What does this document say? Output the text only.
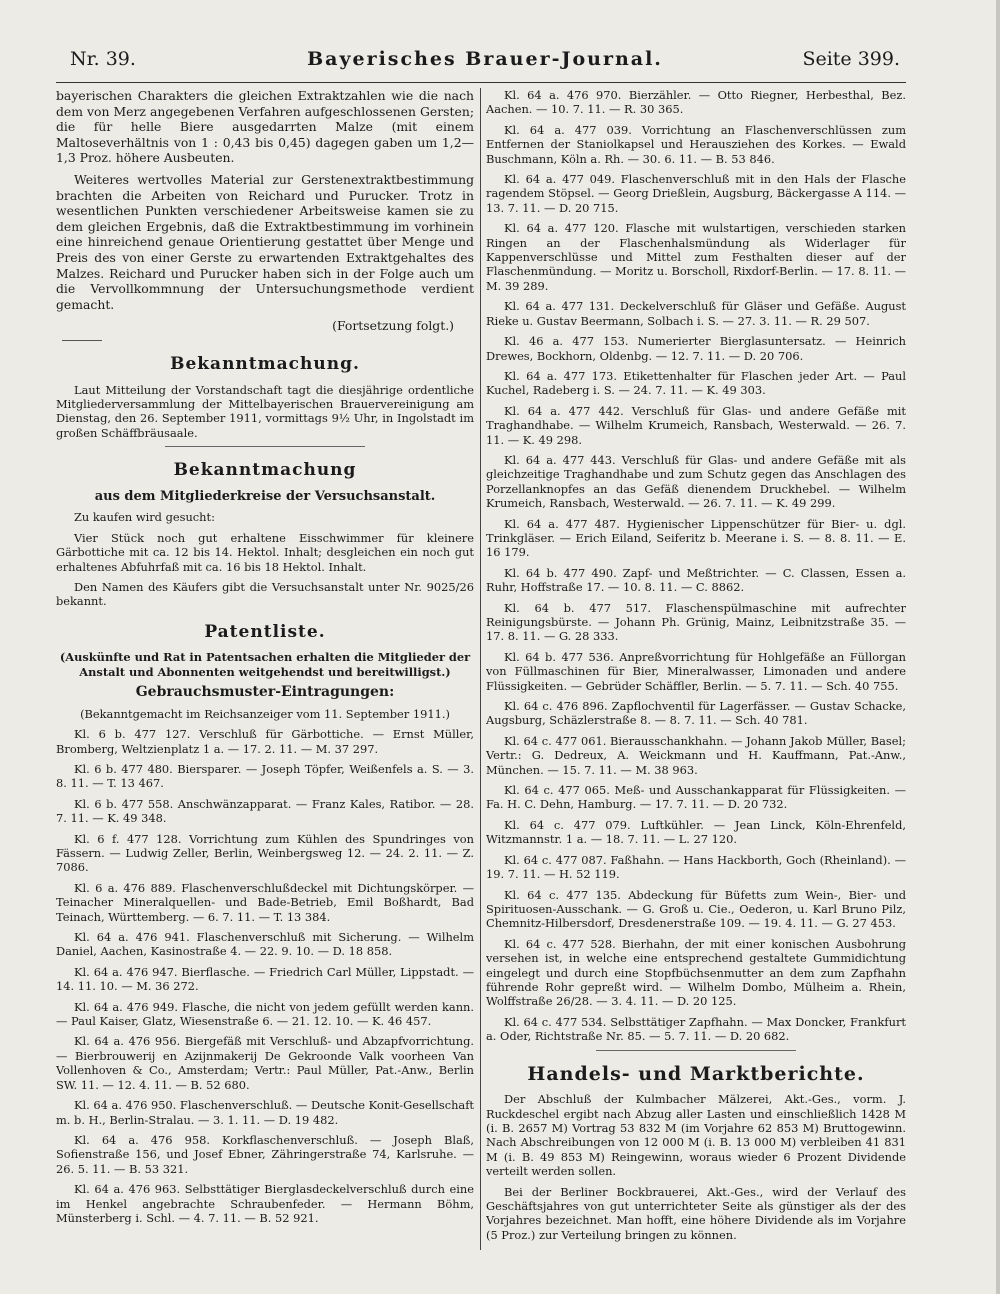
Nr. 39.	Bayerisches Brauer-Journal.	Seite 399.

bayerischen Charakters die gleichen Extraktzahlen wie die nach dem von Merz angegebenen Verfahren aufgeschlossenen Gersten; die für helle Biere ausgedarrten Malze (mit einem Maltoseverhältnis von 1 : 0,43 bis 0,45) dagegen gaben um 1,2—1,3 Proz. höhere Ausbeuten.

Weiteres wertvolles Material zur Gerstenextraktbestimmung brachten die Arbeiten von Reichard und Purucker. Trotz in wesentlichen Punkten verschiedener Arbeitsweise kamen sie zu dem gleichen Ergebnis, daß die Extraktbestimmung im vorhinein eine hinreichend genaue Orientierung gestattet über Menge und Preis des von einer Gerste zu erwartenden Extraktgehaltes des Malzes. Reichard und Purucker haben sich in der Folge auch um die Vervollkommnung der Untersuchungsmethode verdient gemacht.

(Fortsetzung folgt.)

Bekanntmachung.

Laut Mitteilung der Vorstandschaft tagt die diesjährige ordentliche Mitgliederversammlung der Mittelbayerischen Brauervereinigung am Dienstag, den 26. September 1911, vormittags 9½ Uhr, in Ingolstadt im großen Schäffbräusaale.

Bekanntmachung
aus dem Mitgliederkreise der Versuchsanstalt.

Zu kaufen wird gesucht:

Vier Stück noch gut erhaltene Eisschwimmer für kleinere Gärbottiche mit ca. 12 bis 14. Hektol. Inhalt; desgleichen ein noch gut erhaltenes Abfuhrfaß mit ca. 16 bis 18 Hektol. Inhalt.

Den Namen des Käufers gibt die Versuchsanstalt unter Nr. 9025/26 bekannt.

Patentliste.

(Auskünfte und Rat in Patentsachen erhalten die Mitglieder der Anstalt und Abonnenten weitgehendst und bereitwilligst.)

Gebrauchsmuster-Eintragungen:

(Bekanntgemacht im Reichsanzeiger vom 11. September 1911.)

Kl. 6 b. 477 127. Verschluß für Gärbottiche. — Ernst Müller, Bromberg, Weltzienplatz 1 a. — 17. 2. 11. — M. 37 297.

Kl. 6 b. 477 480. Biersparer. — Joseph Töpfer, Weißenfels a. S. — 3. 8. 11. — T. 13 467.

Kl. 6 b. 477 558. Anschwänzapparat. — Franz Kales, Ratibor. — 28. 7. 11. — K. 49 348.

Kl. 6 f. 477 128. Vorrichtung zum Kühlen des Spundringes von Fässern. — Ludwig Zeller, Berlin, Weinbergsweg 12. — 24. 2. 11. — Z. 7086.

Kl. 6 a. 476 889. Flaschenverschlußdeckel mit Dichtungskörper. — Teinacher Mineralquellen- und Bade-Betrieb, Emil Boßhardt, Bad Teinach, Württemberg. — 6. 7. 11. — T. 13 384.

Kl. 64 a. 476 941. Flaschenverschluß mit Sicherung. — Wilhelm Daniel, Aachen, Kasinostraße 4. — 22. 9. 10. — D. 18 858.

Kl. 64 a. 476 947. Bierflasche. — Friedrich Carl Müller, Lippstadt. — 14. 11. 10. — M. 36 272.

Kl. 64 a. 476 949. Flasche, die nicht von jedem gefüllt werden kann. — Paul Kaiser, Glatz, Wiesenstraße 6. — 21. 12. 10. — K. 46 457.

Kl. 64 a. 476 956. Biergefäß mit Verschluß- und Abzapfvorrichtung. — Bierbrouwerij en Azijnmakerij De Gekroonde Valk voorheen Van Vollenhoven & Co., Amsterdam; Vertr.: Paul Müller, Pat.-Anw., Berlin SW. 11. — 12. 4. 11. — B. 52 680.

Kl. 64 a. 476 950. Flaschenverschluß. — Deutsche Konit-Gesellschaft m. b. H., Berlin-Stralau. — 3. 1. 11. — D. 19 482.

Kl. 64 a. 476 958. Korkflaschenverschluß. — Joseph Blaß, Sofienstraße 156, und Josef Ebner, Zähringerstraße 74, Karlsruhe. — 26. 5. 11. — B. 53 321.

Kl. 64 a. 476 963. Selbsttätiger Bierglasdeckelverschluß durch eine im Henkel angebrachte Schraubenfeder. — Hermann Böhm, Münsterberg i. Schl. — 4. 7. 11. — B. 52 921.

Kl. 64 a. 476 970. Bierzähler. — Otto Riegner, Herbesthal, Bez. Aachen. — 10. 7. 11. — R. 30 365.

Kl. 64 a. 477 039. Vorrichtung an Flaschenverschlüssen zum Entfernen der Staniolkapsel und Herausziehen des Korkes. — Ewald Buschmann, Köln a. Rh. — 30. 6. 11. — B. 53 846.

Kl. 64 a. 477 049. Flaschenverschluß mit in den Hals der Flasche ragendem Stöpsel. — Georg Drießlein, Augsburg, Bäckergasse A 114. — 13. 7. 11. — D. 20 715.

Kl. 64 a. 477 120. Flasche mit wulstartigen, verschieden starken Ringen an der Flaschenhalsmündung als Widerlager für Kappenverschlüsse und Mittel zum Festhalten dieser auf der Flaschenmündung. — Moritz u. Borscholl, Rixdorf-Berlin. — 17. 8. 11. — M. 39 289.

Kl. 64 a. 477 131. Deckelverschluß für Gläser und Gefäße. August Rieke u. Gustav Beermann, Solbach i. S. — 27. 3. 11. — R. 29 507.

Kl. 46 a. 477 153. Numerierter Bierglasuntersatz. — Heinrich Drewes, Bockhorn, Oldenbg. — 12. 7. 11. — D. 20 706.

Kl. 64 a. 477 173. Etikettenhalter für Flaschen jeder Art. — Paul Kuchel, Radeberg i. S. — 24. 7. 11. — K. 49 303.

Kl. 64 a. 477 442. Verschluß für Glas- und andere Gefäße mit Traghandhabe. — Wilhelm Krumeich, Ransbach, Westerwald. — 26. 7. 11. — K. 49 298.

Kl. 64 a. 477 443. Verschluß für Glas- und andere Gefäße mit als gleichzeitige Traghandhabe und zum Schutz gegen das Anschlagen des Porzellanknopfes an das Gefäß dienendem Druckhebel. — Wilhelm Krumeich, Ransbach, Westerwald. — 26. 7. 11. — K. 49 299.

Kl. 64 a. 477 487. Hygienischer Lippenschützer für Bier- u. dgl. Trinkgläser. — Erich Eiland, Seiferitz b. Meerane i. S. — 8. 8. 11. — E. 16 179.

Kl. 64 b. 477 490. Zapf- und Meßtrichter. — C. Classen, Essen a. Ruhr, Hoffstraße 17. — 10. 8. 11. — C. 8862.

Kl. 64 b. 477 517. Flaschenspülmaschine mit aufrechter Reinigungsbürste. — Johann Ph. Grünig, Mainz, Leibnitzstraße 35. — 17. 8. 11. — G. 28 333.

Kl. 64 b. 477 536. Anpreßvorrichtung für Hohlgefäße an Füllorgan von Füllmaschinen für Bier, Mineralwasser, Limonaden und andere Flüssigkeiten. — Gebrüder Schäffler, Berlin. — 5. 7. 11. — Sch. 40 755.

Kl. 64 c. 476 896. Zapflochventil für Lagerfässer. — Gustav Schacke, Augsburg, Schäzlerstraße 8. — 8. 7. 11. — Sch. 40 781.

Kl. 64 c. 477 061. Bierausschankhahn. — Johann Jakob Müller, Basel; Vertr.: G. Dedreux, A. Weickmann und H. Kauffmann, Pat.-Anw., München. — 15. 7. 11. — M. 38 963.

Kl. 64 c. 477 065. Meß- und Ausschankapparat für Flüssigkeiten. — Fa. H. C. Dehn, Hamburg. — 17. 7. 11. — D. 20 732.

Kl. 64 c. 477 079. Luftkühler. — Jean Linck, Köln-Ehrenfeld, Witzmannstr. 1 a. — 18. 7. 11. — L. 27 120.

Kl. 64 c. 477 087. Faßhahn. — Hans Hackborth, Goch (Rheinland). — 19. 7. 11. — H. 52 119.

Kl. 64 c. 477 135. Abdeckung für Büfetts zum Wein-, Bier- und Spirituosen-Ausschank. — G. Groß u. Cie., Oederon, u. Karl Bruno Pilz, Chemnitz-Hilbersdorf, Dresdenerstraße 109. — 19. 4. 11. — G. 27 453.

Kl. 64 c. 477 528. Bierhahn, der mit einer konischen Ausbohrung versehen ist, in welche eine entsprechend gestaltete Gummidichtung eingelegt und durch eine Stopfbüchsenmutter an dem zum Zapfhahn führende Rohr gepreßt wird. — Wilhelm Dombo, Mülheim a. Rhein, Wolffstraße 26/28. — 3. 4. 11. — D. 20 125.

Kl. 64 c. 477 534. Selbsttätiger Zapfhahn. — Max Doncker, Frankfurt a. Oder, Richtstraße Nr. 85. — 5. 7. 11. — D. 20 682.

Handels- und Marktberichte.

Der Abschluß der Kulmbacher Mälzerei, Akt.-Ges., vorm. J. Ruckdeschel ergibt nach Abzug aller Lasten und einschließlich 1428 M (i. B. 2657 M) Vortrag 53 832 M (im Vorjahre 62 853 M) Bruttogewinn. Nach Abschreibungen von 12 000 M (i. B. 13 000 M) verbleiben 41 831 M (i. B. 49 853 M) Reingewinn, woraus wieder 6 Prozent Dividende verteilt werden sollen.

Bei der Berliner Bockbrauerei, Akt.-Ges., wird der Verlauf des Geschäftsjahres von gut unterrichteter Seite als günstiger als der des Vorjahres bezeichnet. Man hofft, eine höhere Dividende als im Vorjahre (5 Proz.) zur Verteilung bringen zu können.
